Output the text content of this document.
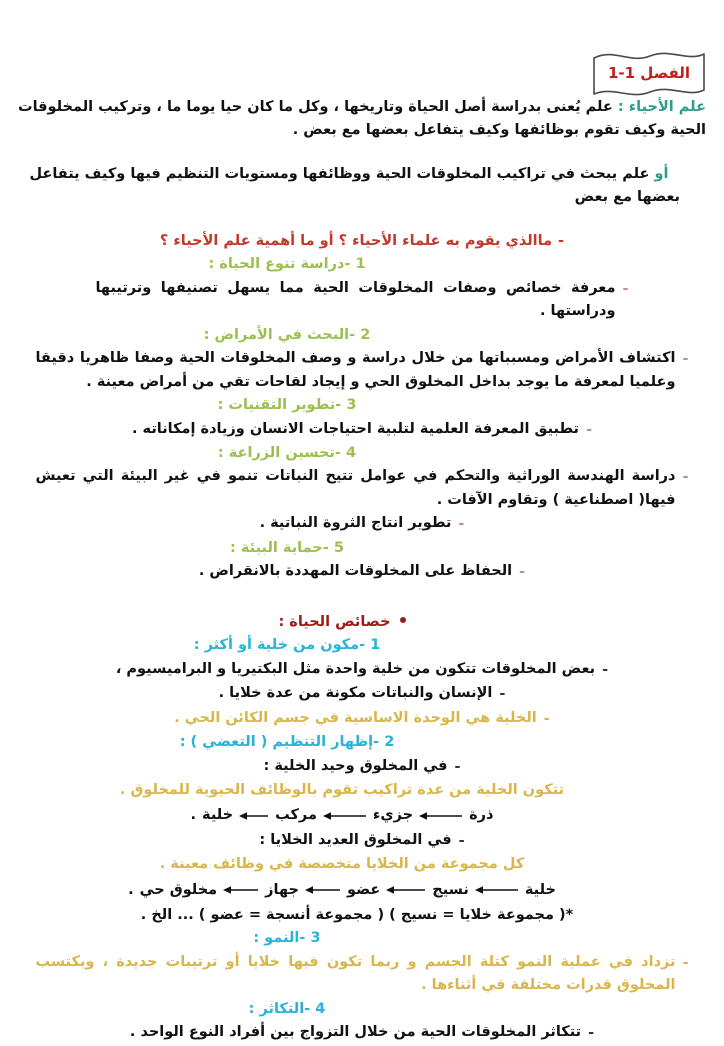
الفصل 1-1

علم الأحياء : علم يُعنى بدراسة أصل الحياة وتاريخها ، وكل ما كان حيا يوما ما ، وتركيب المخلوقات الحية وكيف تقوم بوظائفها وكيف يتفاعل بعضها مع بعض .

أو علم يبحث في تراكيب المخلوقات الحية ووظائفها ومستويات التنظيم فيها وكيف يتفاعل بعضها مع بعض

-ماالذي يقوم به علماء الأحياء ؟ أو ما أهمية علم الأحياء ؟

1 -دراسة تنوع الحياة :

-
معرفة خصائص وصفات المخلوقات الحية مما يسهل تصنيفها وترتيبها ودراستها .

2 -البحث في الأمراض :

-
اكتشاف الأمراض ومسبباتها من خلال دراسة و وصف المخلوقات الحية وصفا ظاهريا دقيقا وعلميا لمعرفة ما يوجد بداخل المخلوق الحي و إيجاد لقاحات تقي من أمراض معينة .

3 -تطوير التقنيات :

-
تطبيق المعرفة العلمية لتلبية احتياجات الانسان وزيادة إمكاناته .

4 -تحسين الزراعة :

-
دراسة الهندسة الوراثية والتحكم في عوامل تتيح النباتات تنمو في غير البيئة التي تعيش فيها( اصطناعية ) وتقاوم الآفات .
-
تطوير انتاج الثروة النباتية .

5 -حماية البيئة :

-
الحفاظ على المخلوقات المهددة بالانقراض .

خصائص الحياة :

1 -مكون من خلية أو أكثر :

-
بعض المخلوقات تتكون من خلية واحدة مثل البكتيريا و البراميسيوم ،
-
الإنسان والنباتات مكونة من عدة خلايا .
-
الخلية هي الوحدة الاساسية في جسم الكائن الحي .

2 -إظهار التنظيم ( التعضي ) :

-
في المخلوق وحيد الخلية :

تتكون الخلية من عدة تراكيب تقوم بالوظائف الحيوية للمخلوق .

ذرة
جزيء
مركب
خلية
.
-
في المخلوق العديد الخلايا :

كل مجموعة من الخلايا متخصصة في وظائف معينة .

خلية
نسيج
عضو
جهاز
مخلوق حي
.

*( مجموعة خلايا = نسيج ) ( مجموعة أنسجة = عضو ) ... الخ .

3 -النمو :

-
تزداد في عملية النمو كتلة الجسم و ربما تكون فيها خلايا أو ترتيبات جديدة ، ويكتسب المخلوق قدرات مختلفة في أثناءها .

4 -التكاثر :

-
تتكاثر المخلوقات الحية من خلال التزواج بين أفراد النوع الواحد .
